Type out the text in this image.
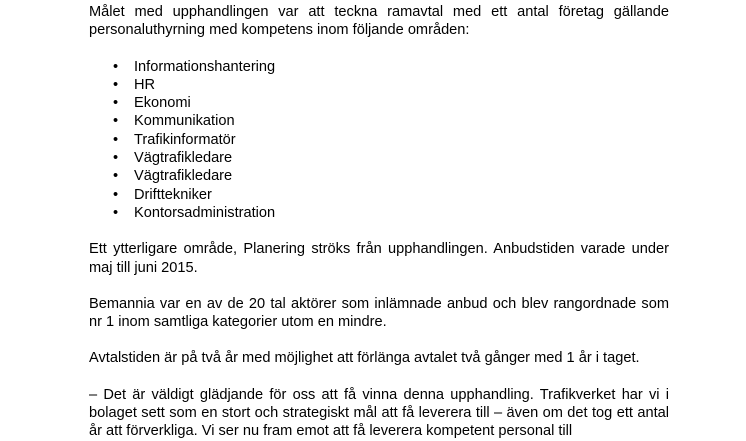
Målet med upphandlingen var att teckna ramavtal med ett antal företag gällande personaluthyrning med kompetens inom följande områden:

• Informationshantering
• HR
• Ekonomi
• Kommunikation
• Trafikinformatör
• Vägtrafikledare
• Vägtrafikledare
• Drifttekniker
• Kontorsadministration

Ett ytterligare område, Planering ströks från upphandlingen. Anbudstiden varade under maj till juni 2015.

Bemannia var en av de 20 tal aktörer som inlämnade anbud och blev rangordnade som nr 1 inom samtliga kategorier utom en mindre.

Avtalstiden är på två år med möjlighet att förlänga avtalet två gånger med 1 år i taget.

– Det är väldigt glädjande för oss att få vinna denna upphandling. Trafikverket har vi i bolaget sett som en stort och strategiskt mål att få leverera till – även om det tog ett antal år att förverkliga. Vi ser nu fram emot att få leverera kompetent personal till
